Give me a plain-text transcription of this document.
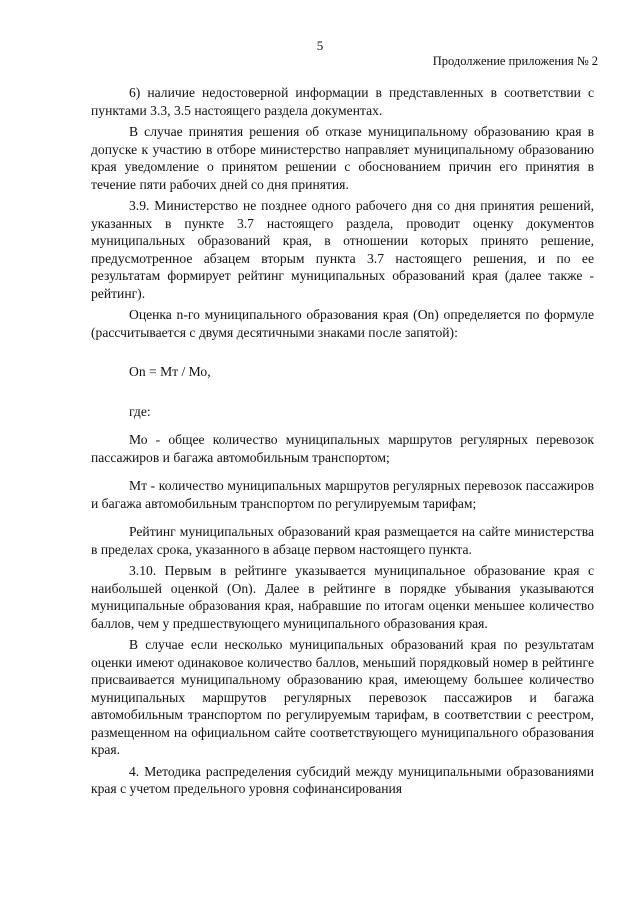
5
Продолжение приложения № 2

6) наличие недостоверной информации в представленных в соответствии с пунктами 3.3, 3.5 настоящего раздела документах.

В случае принятия решения об отказе муниципальному образованию края в допуске к участию в отборе министерство направляет муниципальному образованию края уведомление о принятом решении с обоснованием причин его принятия в течение пяти рабочих дней со дня принятия.

3.9. Министерство не позднее одного рабочего дня со дня принятия решений, указанных в пункте 3.7 настоящего раздела, проводит оценку документов муниципальных образований края, в отношении которых принято решение, предусмотренное абзацем вторым пункта 3.7 настоящего решения, и по ее результатам формирует рейтинг муниципальных образований края (далее также - рейтинг).

Оценка n-го муниципального образования края (Оn) определяется по формуле (рассчитывается с двумя десятичными знаками после запятой):

Оn = Мт / Мо,

где:

Мо - общее количество муниципальных маршрутов регулярных перевозок пассажиров и багажа автомобильным транспортом;

Мт - количество муниципальных маршрутов регулярных перевозок пассажиров и багажа автомобильным транспортом по регулируемым тарифам;

Рейтинг муниципальных образований края размещается на сайте министерства в пределах срока, указанного в абзаце первом настоящего пункта.

3.10. Первым в рейтинге указывается муниципальное образование края с наибольшей оценкой (Оn). Далее в рейтинге в порядке убывания указываются муниципальные образования края, набравшие по итогам оценки меньшее количество баллов, чем у предшествующего муниципального образования края.

В случае если несколько муниципальных образований края по результатам оценки имеют одинаковое количество баллов, меньший порядковый номер в рейтинге присваивается муниципальному образованию края, имеющему большее количество муниципальных маршрутов регулярных перевозок пассажиров и багажа автомобильным транспортом по регулируемым тарифам, в соответствии с реестром, размещенном на официальном сайте соответствующего муниципального образования края.

4. Методика распределения субсидий между муниципальными образованиями края с учетом предельного уровня софинансирования
